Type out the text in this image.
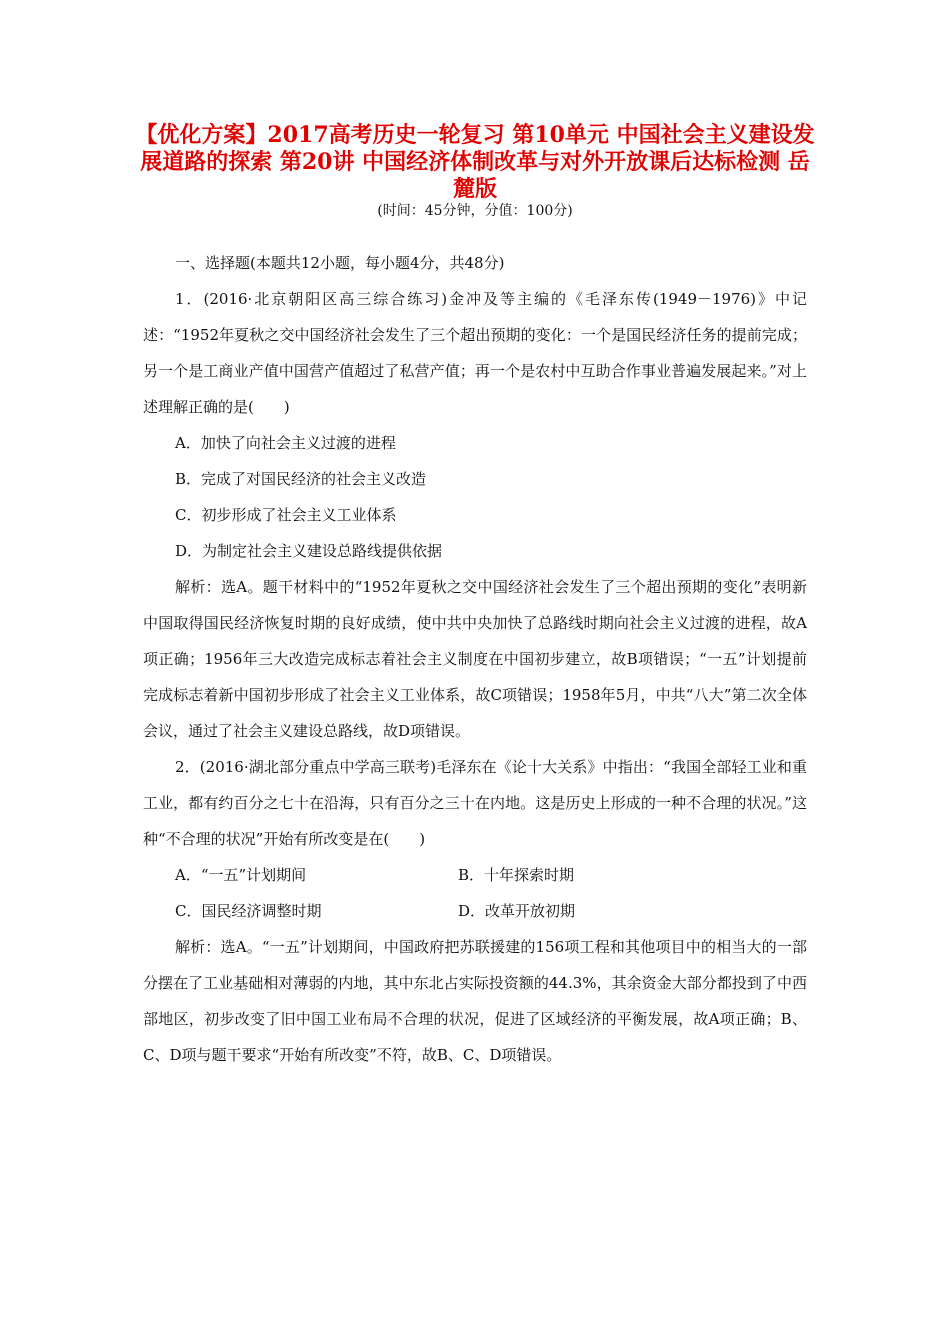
【优化方案】2017高考历史一轮复习 第10单元 中国社会主义建设发展道路的探索 第20讲 中国经济体制改革与对外开放课后达标检测 岳麓版

(时间：45分钟，分值：100分)

一、选择题(本题共12小题，每小题4分，共48分)

1．(2016·北京朝阳区高三综合练习)金冲及等主编的《毛泽东传(1949－1976)》中记述：“1952年夏秋之交中国经济社会发生了三个超出预期的变化：一个是国民经济任务的提前完成；另一个是工商业产值中国营产值超过了私营产值；再一个是农村中互助合作事业普遍发展起来。”对上述理解正确的是(　　)

A．加快了向社会主义过渡的进程

B．完成了对国民经济的社会主义改造

C．初步形成了社会主义工业体系

D．为制定社会主义建设总路线提供依据

解析：选A。题干材料中的“1952年夏秋之交中国经济社会发生了三个超出预期的变化”表明新中国取得国民经济恢复时期的良好成绩，使中共中央加快了总路线时期向社会主义过渡的进程，故A项正确；1956年三大改造完成标志着社会主义制度在中国初步建立，故B项错误；“一五”计划提前完成标志着新中国初步形成了社会主义工业体系，故C项错误；1958年5月，中共“八大”第二次全体会议，通过了社会主义建设总路线，故D项错误。

2．(2016·湖北部分重点中学高三联考)毛泽东在《论十大关系》中指出：“我国全部轻工业和重工业，都有约百分之七十在沿海，只有百分之三十在内地。这是历史上形成的一种不合理的状况。”这种“不合理的状况”开始有所改变是在(　　)

A．“一五”计划期间	B．十年探索时期
C．国民经济调整时期	D．改革开放初期

解析：选A。“一五”计划期间，中国政府把苏联援建的156项工程和其他项目中的相当大的一部分摆在了工业基础相对薄弱的内地，其中东北占实际投资额的44.3%，其余资金大部分都投到了中西部地区，初步改变了旧中国工业布局不合理的状况，促进了区域经济的平衡发展，故A项正确；B、C、D项与题干要求“开始有所改变”不符，故B、C、D项错误。
